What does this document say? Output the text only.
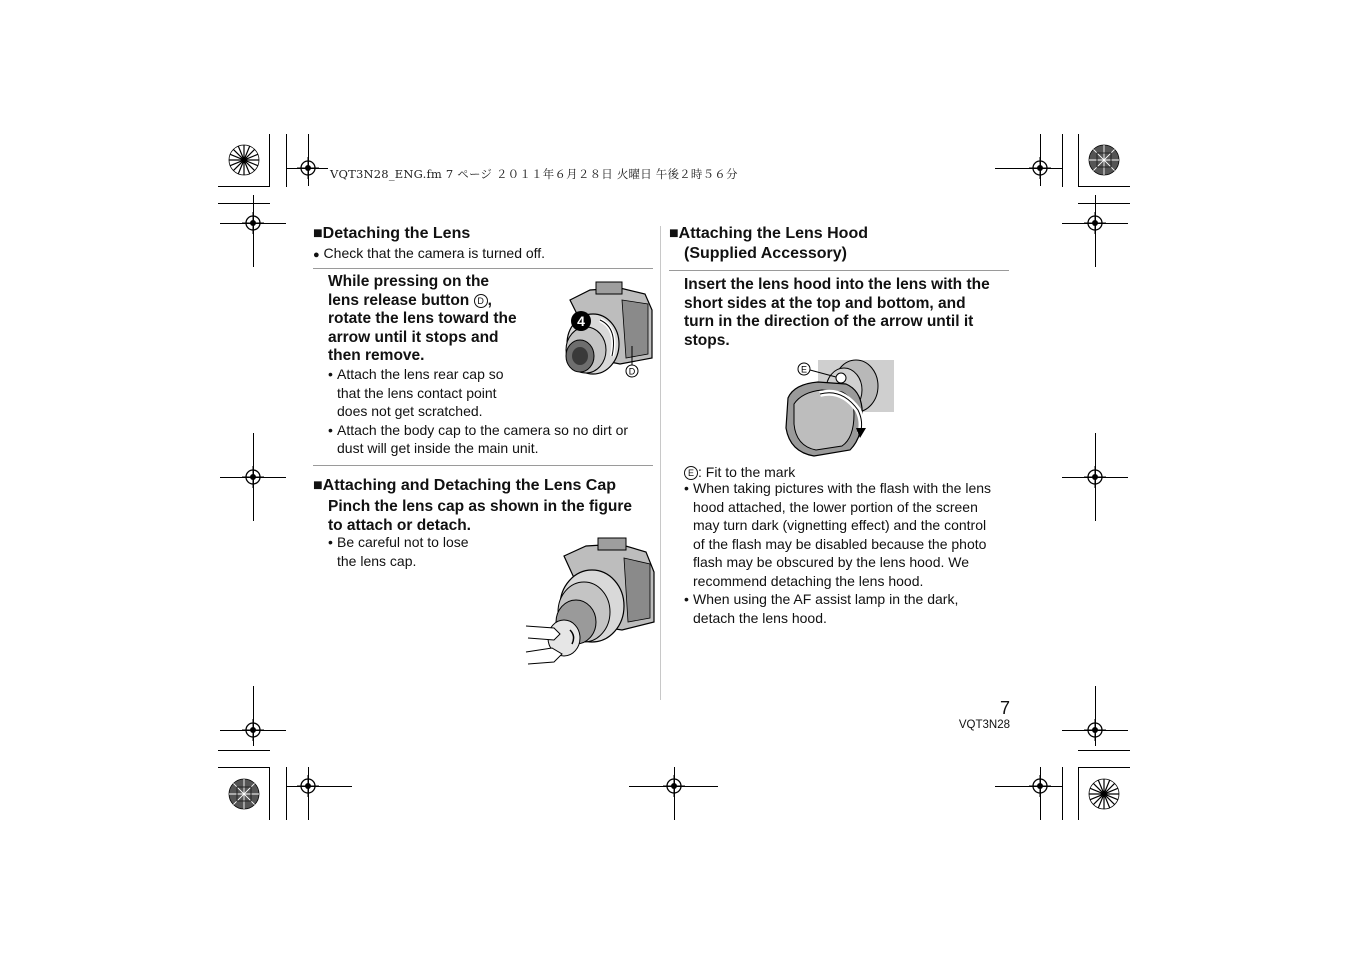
VQT3N28_ENG.fm 7 ページ ２０１１年６月２８日 火曜日 午後２時５６分
■Detaching the Lens
● Check that the camera is turned off.
While pressing on the
lens release button D ,
rotate the lens toward the
arrow until it stops and
then remove.
• Attach the lens rear cap so
that the lens contact point
does not get scratched.
• Attach the body cap to the camera so no dirt or
dust will get inside the main unit.
4
D
■Attaching and Detaching the Lens Cap
Pinch the lens cap as shown in the figure
to attach or detach.
• Be careful not to lose
the lens cap.
■Attaching the Lens Hood
(Supplied Accessory)
Insert the lens hood into the lens with the
short sides at the top and bottom, and
turn in the direction of the arrow until it
stops.
E
E : Fit to the mark
• When taking pictures with the flash with the lens
hood attached, the lower portion of the screen
may turn dark (vignetting effect) and the control
of the flash may be disabled because the photo
flash may be obscured by the lens hood. We
recommend detaching the lens hood.
• When using the AF assist lamp in the dark,
detach the lens hood.
7
VQT3N28
